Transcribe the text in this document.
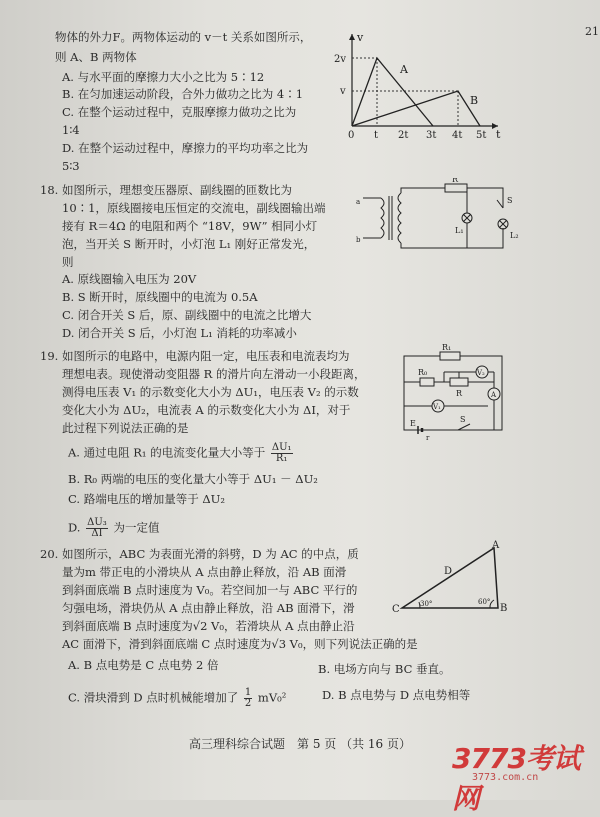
21
物体的外力F。两物体运动的 v－t 关系如图所示，
则 A、B 两物体
A. 与水平面的摩擦力大小之比为 5∶12
B. 在匀加速运动阶段，合外力做功之比为 4∶1
C. 在整个运动过程中，克服摩擦力做功之比为
1∶4
D. 在整个运动过程中，摩擦力的平均功率之比为
5∶3
v
t
2v
v
0 t 2t 3t 4t 5t
A
B
18. 如图所示，理想变压器原、副线圈的匝数比为
10∶1，原线圈接电压恒定的交流电，副线圈输出端
接有 R＝4Ω 的电阻和两个 “18V，9W” 相同小灯
泡，当开关 S 断开时，小灯泡 L₁ 刚好正常发光，
则
A. 原线圈输入电压为 20V
B. S 断开时，原线圈中的电流为 0.5A
C. 闭合开关 S 后，原、副线圈中的电流之比增大
D. 闭合开关 S 后，小灯泡 L₁ 消耗的功率减小
R
S
L₁
L₂
a
b
19. 如图所示的电路中，电源内阻一定，电压表和电流表均为
理想电表。现使滑动变阻器 R 的滑片向左滑动一小段距离，
测得电压表 V₁ 的示数变化大小为 ΔU₁，电压表 V₂ 的示数
变化大小为 ΔU₂，电流表 A 的示数变化大小为 ΔI，对于
此过程下列说法正确的是
A. 通过电阻 R₁ 的电流变化量大小等于 $\frac{\text{ΔU₁}}{\text{R₁}}$
B. R₀ 两端的电压的变化量大小等于 ΔU₁ － ΔU₂
C. 路端电压的增加量等于 ΔU₂
D. $\frac{\text{ΔU₃}}{\Delta I}$ 为一定值
R₁
R₀
R
V₂
A
V₁
E
r
S
20. 如图所示，ABC 为表面光滑的斜劈，D 为 AC 的中点，质
量为m 带正电的小滑块从 A 点由静止释放，沿 AB 面滑
到斜面底端 B 点时速度为 V₀。若空间加一与 ABC 平行的
匀强电场，滑块仍从 A 点由静止释放，沿 AB 面滑下，滑
到斜面底端 B 点时速度为√2 V₀，若滑块从 A 点由静止沿
AC 面滑下，滑到斜面底端 C 点时速度为√3 V₀，则下列说法正确的是
A. B 点电势是 C 点电势 2 倍	B. 电场方向与 BC 垂直。
C. 滑块滑到 D 点时机械能增加了 $\frac{1}{2} mV_0^2$	D. B 点电势与 D 点电势相等
A
B
C
D
30°	60°
高三理科综合试题　第 5 页 （共 16 页）	3773考试网
3773.com.cn
